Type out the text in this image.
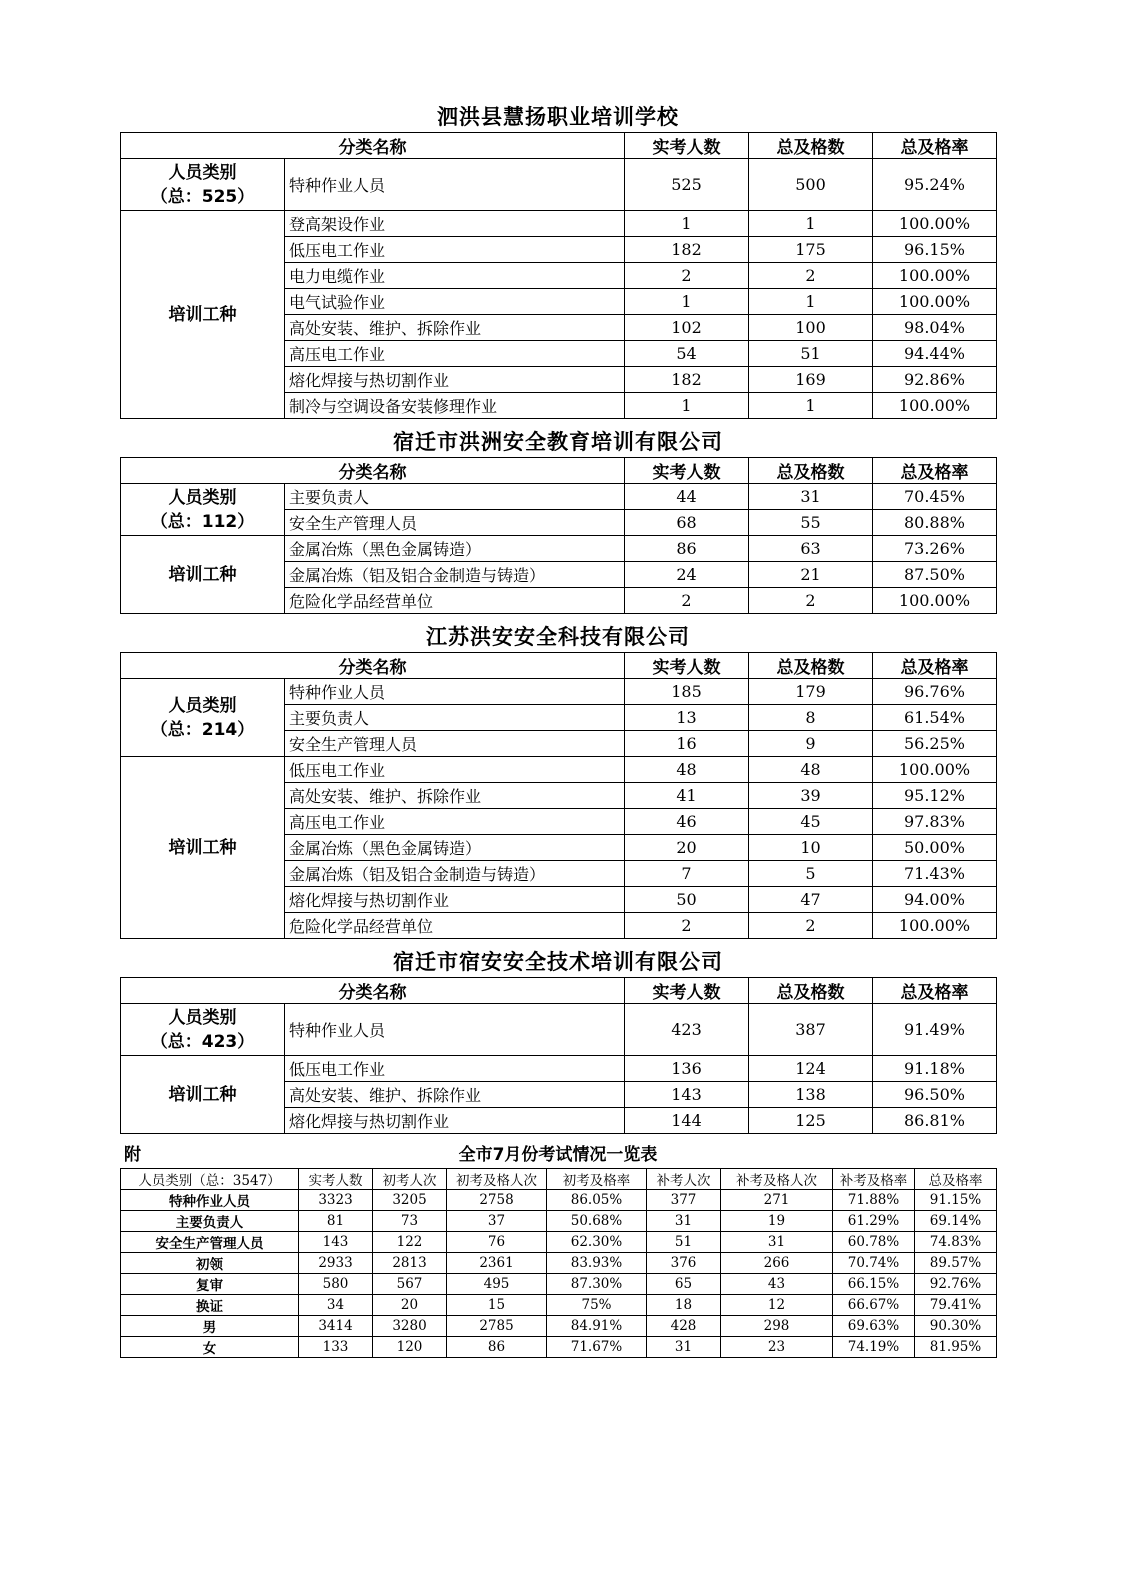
泗洪县慧扬职业培训学校
分类名称		实考人数	总及格数	总及格率

人员类别
（总：525）	特种作业人员	525	500	95.24%
培训工种	登高架设作业	1	1	100.00%
	低压电工作业	182	175	96.15%
	电力电缆作业	2	2	100.00%
	电气试验作业	1	1	100.00%
	高处安装、维护、拆除作业	102	100	98.04%
	高压电工作业	54	51	94.44%
	熔化焊接与热切割作业	182	169	92.86%
	制冷与空调设备安装修理作业	1	1	100.00%
宿迁市洪洲安全教育培训有限公司
分类名称		实考人数	总及格数	总及格率

人员类别
（总：112）	主要负责人	44	31	70.45%
	安全生产管理人员	68	55	80.88%
培训工种	金属冶炼（黑色金属铸造）	86	63	73.26%
	金属冶炼（铝及铝合金制造与铸造）	24	21	87.50%
	危险化学品经营单位	2	2	100.00%
江苏洪安安全科技有限公司
分类名称		实考人数	总及格数	总及格率

人员类别
（总：214）	特种作业人员	185	179	96.76%
	主要负责人	13	8	61.54%
	安全生产管理人员	16	9	56.25%
培训工种	低压电工作业	48	48	100.00%
	高处安装、维护、拆除作业	41	39	95.12%
	高压电工作业	46	45	97.83%
	金属冶炼（黑色金属铸造）	20	10	50.00%
	金属冶炼（铝及铝合金制造与铸造）	7	5	71.43%
	熔化焊接与热切割作业	50	47	94.00%
	危险化学品经营单位	2	2	100.00%
宿迁市宿安安全技术培训有限公司
分类名称		实考人数	总及格数	总及格率

人员类别
（总：423）	特种作业人员	423	387	91.49%
培训工种	低压电工作业	136	124	91.18%
	高处安装、维护、拆除作业	143	138	96.50%
	熔化焊接与热切割作业	144	125	86.81%
附	全市7月份考试情况一览表
人员类别（总：3547）	实考人数	初考人次	初考及格人次	初考及格率	补考人次	补考及格人次	补考及格率	总及格率
特种作业人员	3323	3205	2758	86.05%	377	271	71.88%	91.15%
主要负责人	81	73	37	50.68%	31	19	61.29%	69.14%
安全生产管理人员	143	122	76	62.30%	51	31	60.78%	74.83%
初领	2933	2813	2361	83.93%	376	266	70.74%	89.57%
复审	580	567	495	87.30%	65	43	66.15%	92.76%
换证	34	20	15	75%	18	12	66.67%	79.41%
男	3414	3280	2785	84.91%	428	298	69.63%	90.30%
女	133	120	86	71.67%	31	23	74.19%	81.95%
